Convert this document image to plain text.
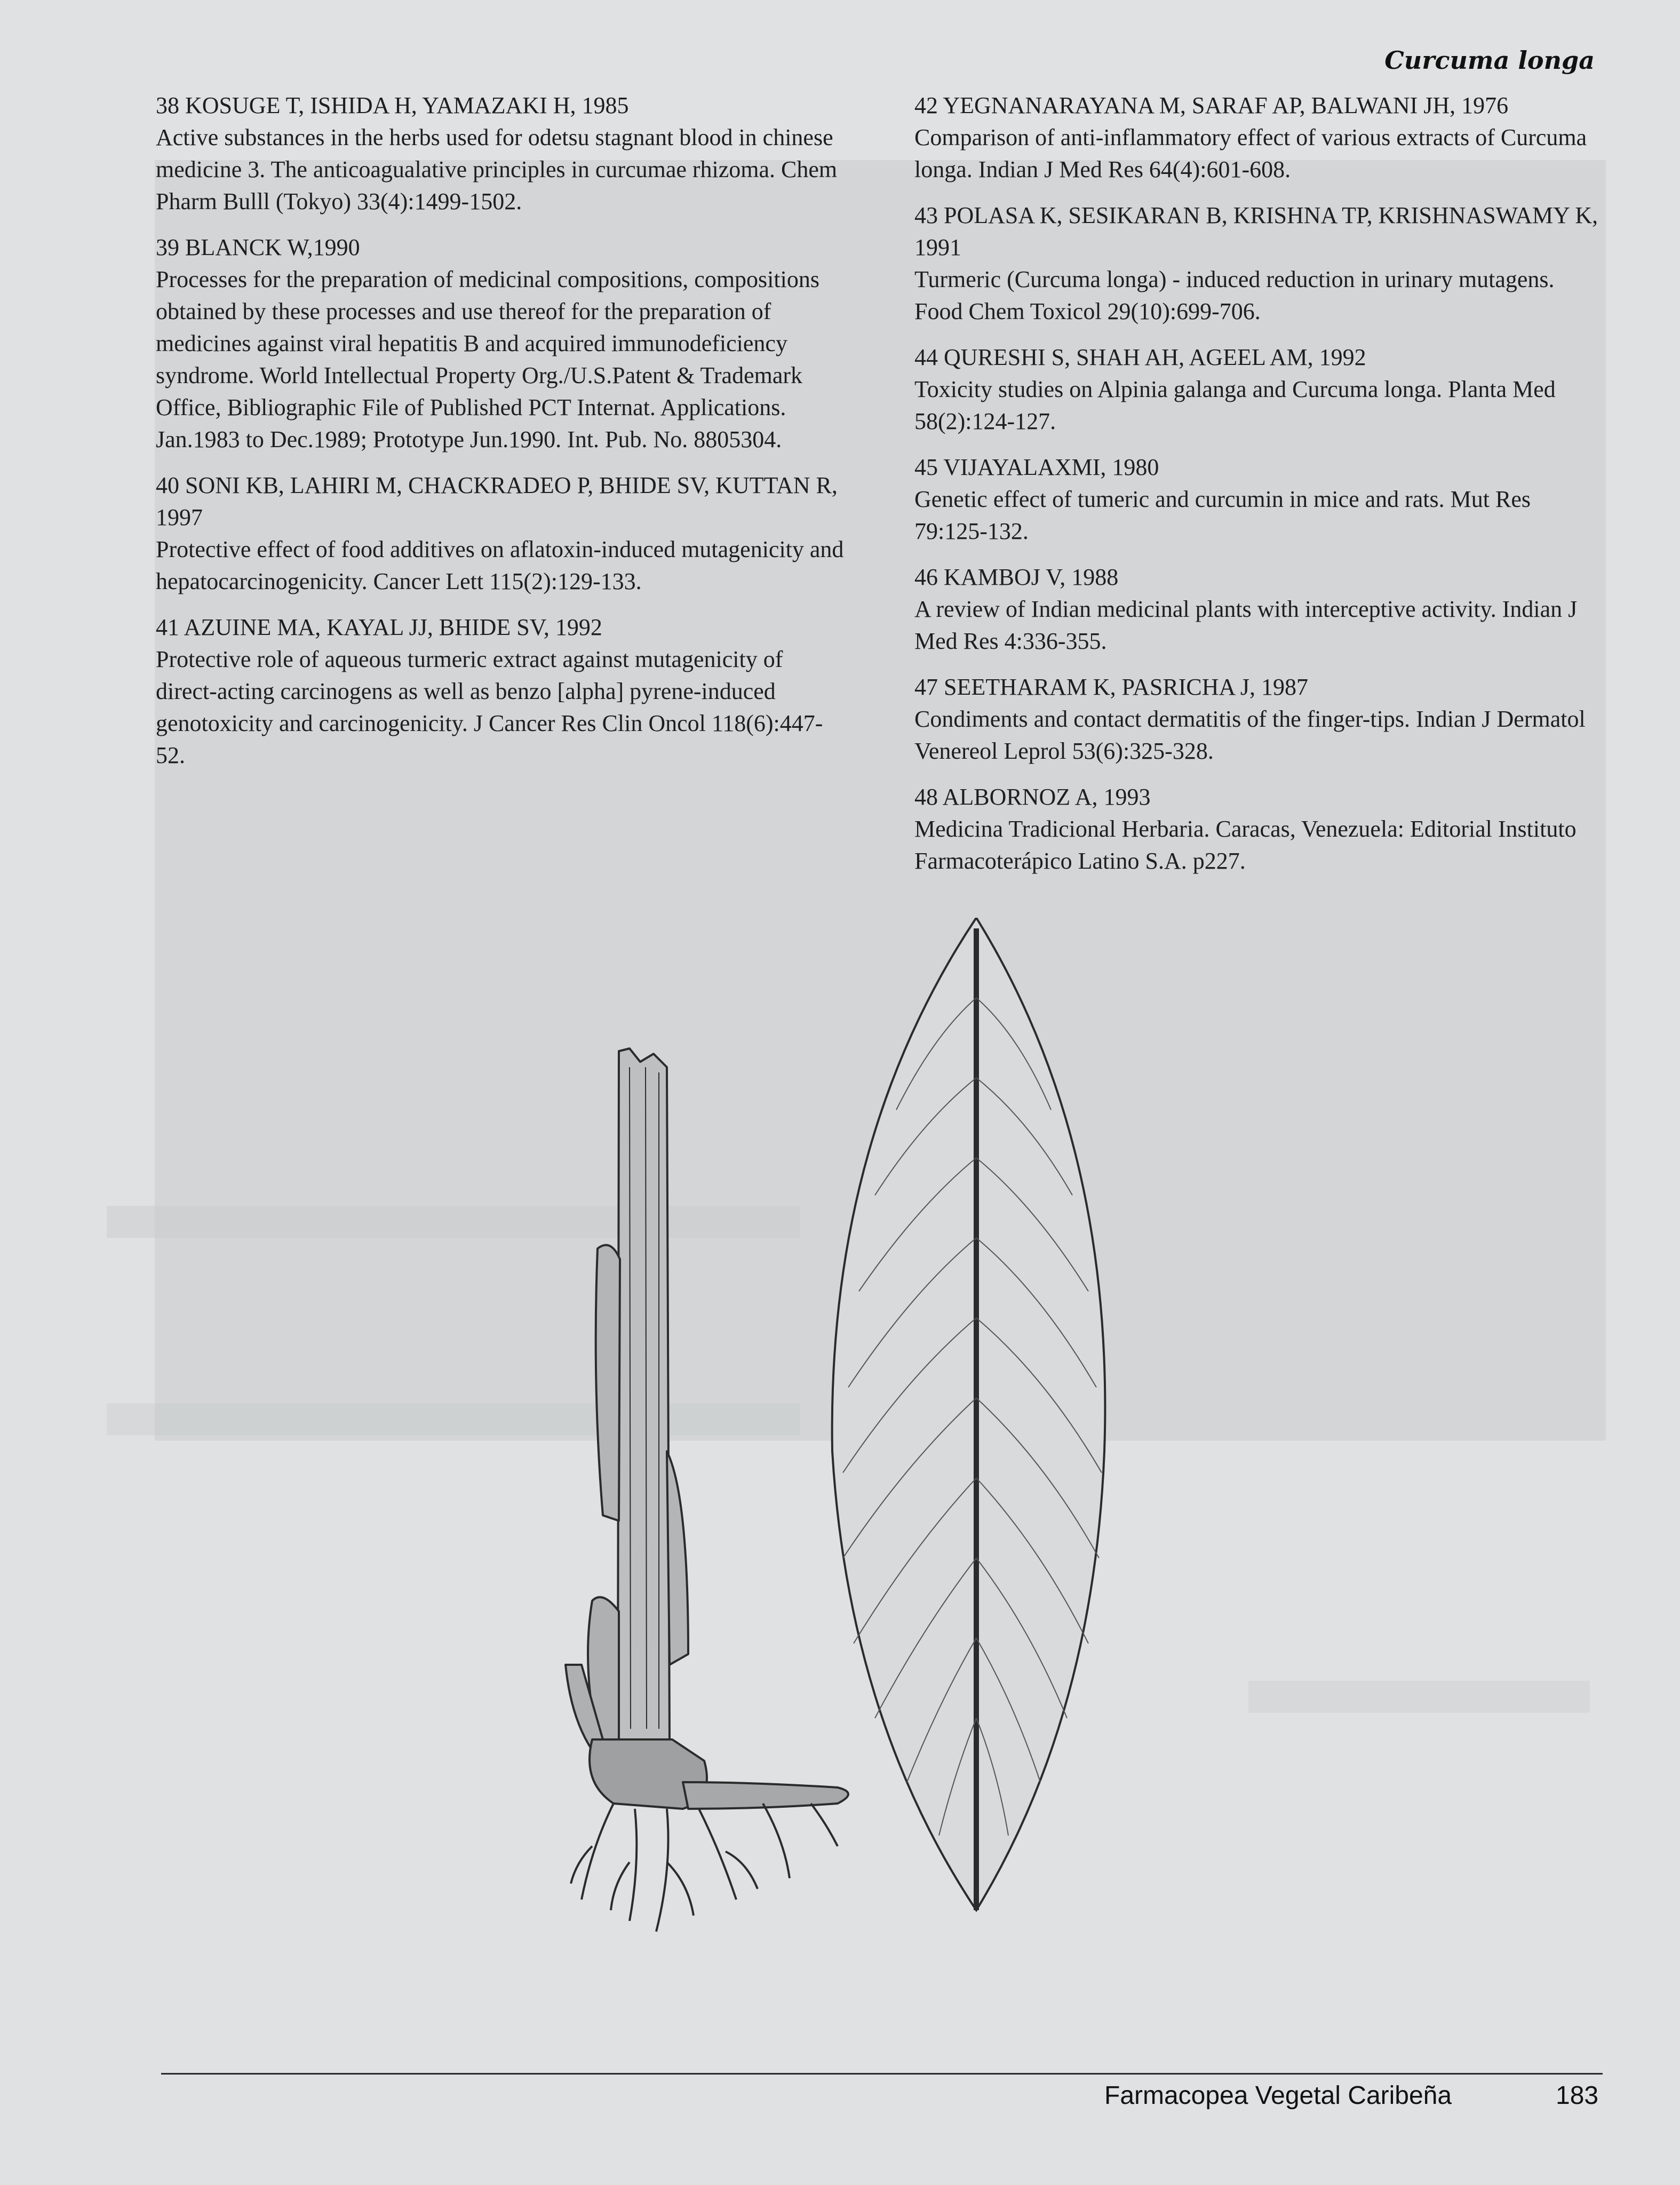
Curcuma longa
38 KOSUGE T, ISHIDA H, YAMAZAKI H, 1985
Active substances in the herbs used for odetsu stagnant blood in chinese medicine 3. The anticoagualative principles in curcumae rhizoma. Chem Pharm Bulll (Tokyo) 33(4):1499-1502.
39 BLANCK W,1990
Processes for the preparation of medicinal compositions, compositions obtained by these processes and use thereof for the preparation of medicines against viral hepatitis B and acquired immunodeficiency syndrome. World Intellectual Property Org./U.S.Patent & Trademark Office, Bibliographic File of Published PCT Internat. Applications. Jan.1983 to Dec.1989; Prototype Jun.1990. Int. Pub. No. 8805304.
40 SONI KB, LAHIRI M, CHACKRADEO P, BHIDE SV, KUTTAN R, 1997
Protective effect of food additives on aflatoxin-induced mutagenicity and hepatocarcinogenicity. Cancer Lett 115(2):129-133.
41 AZUINE MA, KAYAL JJ, BHIDE SV, 1992
Protective role of aqueous turmeric extract against mutagenicity of direct-acting carcinogens as well as benzo [alpha] pyrene-induced genotoxicity and carcinogenicity. J Cancer Res Clin Oncol 118(6):447-52.
42 YEGNANARAYANA M, SARAF AP, BALWANI JH, 1976
Comparison of anti-inflammatory effect of various extracts of Curcuma longa. Indian J Med Res 64(4):601-608.
43 POLASA K, SESIKARAN B, KRISHNA TP, KRISHNASWAMY K, 1991
Turmeric (Curcuma longa) - induced reduction in urinary mutagens. Food Chem Toxicol 29(10):699-706.
44 QURESHI S, SHAH AH, AGEEL AM, 1992
Toxicity studies on Alpinia galanga and Curcuma longa. Planta Med 58(2):124-127.
45 VIJAYALAXMI, 1980
Genetic effect of tumeric and curcumin in mice and rats. Mut Res 79:125-132.
46 KAMBOJ V, 1988
A review of Indian medicinal plants with interceptive activity. Indian J Med Res 4:336-355.
47 SEETHARAM K, PASRICHA J, 1987
Condiments and contact dermatitis of the finger-tips. Indian J Dermatol Venereol Leprol 53(6):325-328.
48 ALBORNOZ A, 1993
Medicina Tradicional Herbaria. Caracas, Venezuela: Editorial Instituto Farmacoterápico Latino S.A. p227.
Farmacopea Vegetal Caribeña	183
